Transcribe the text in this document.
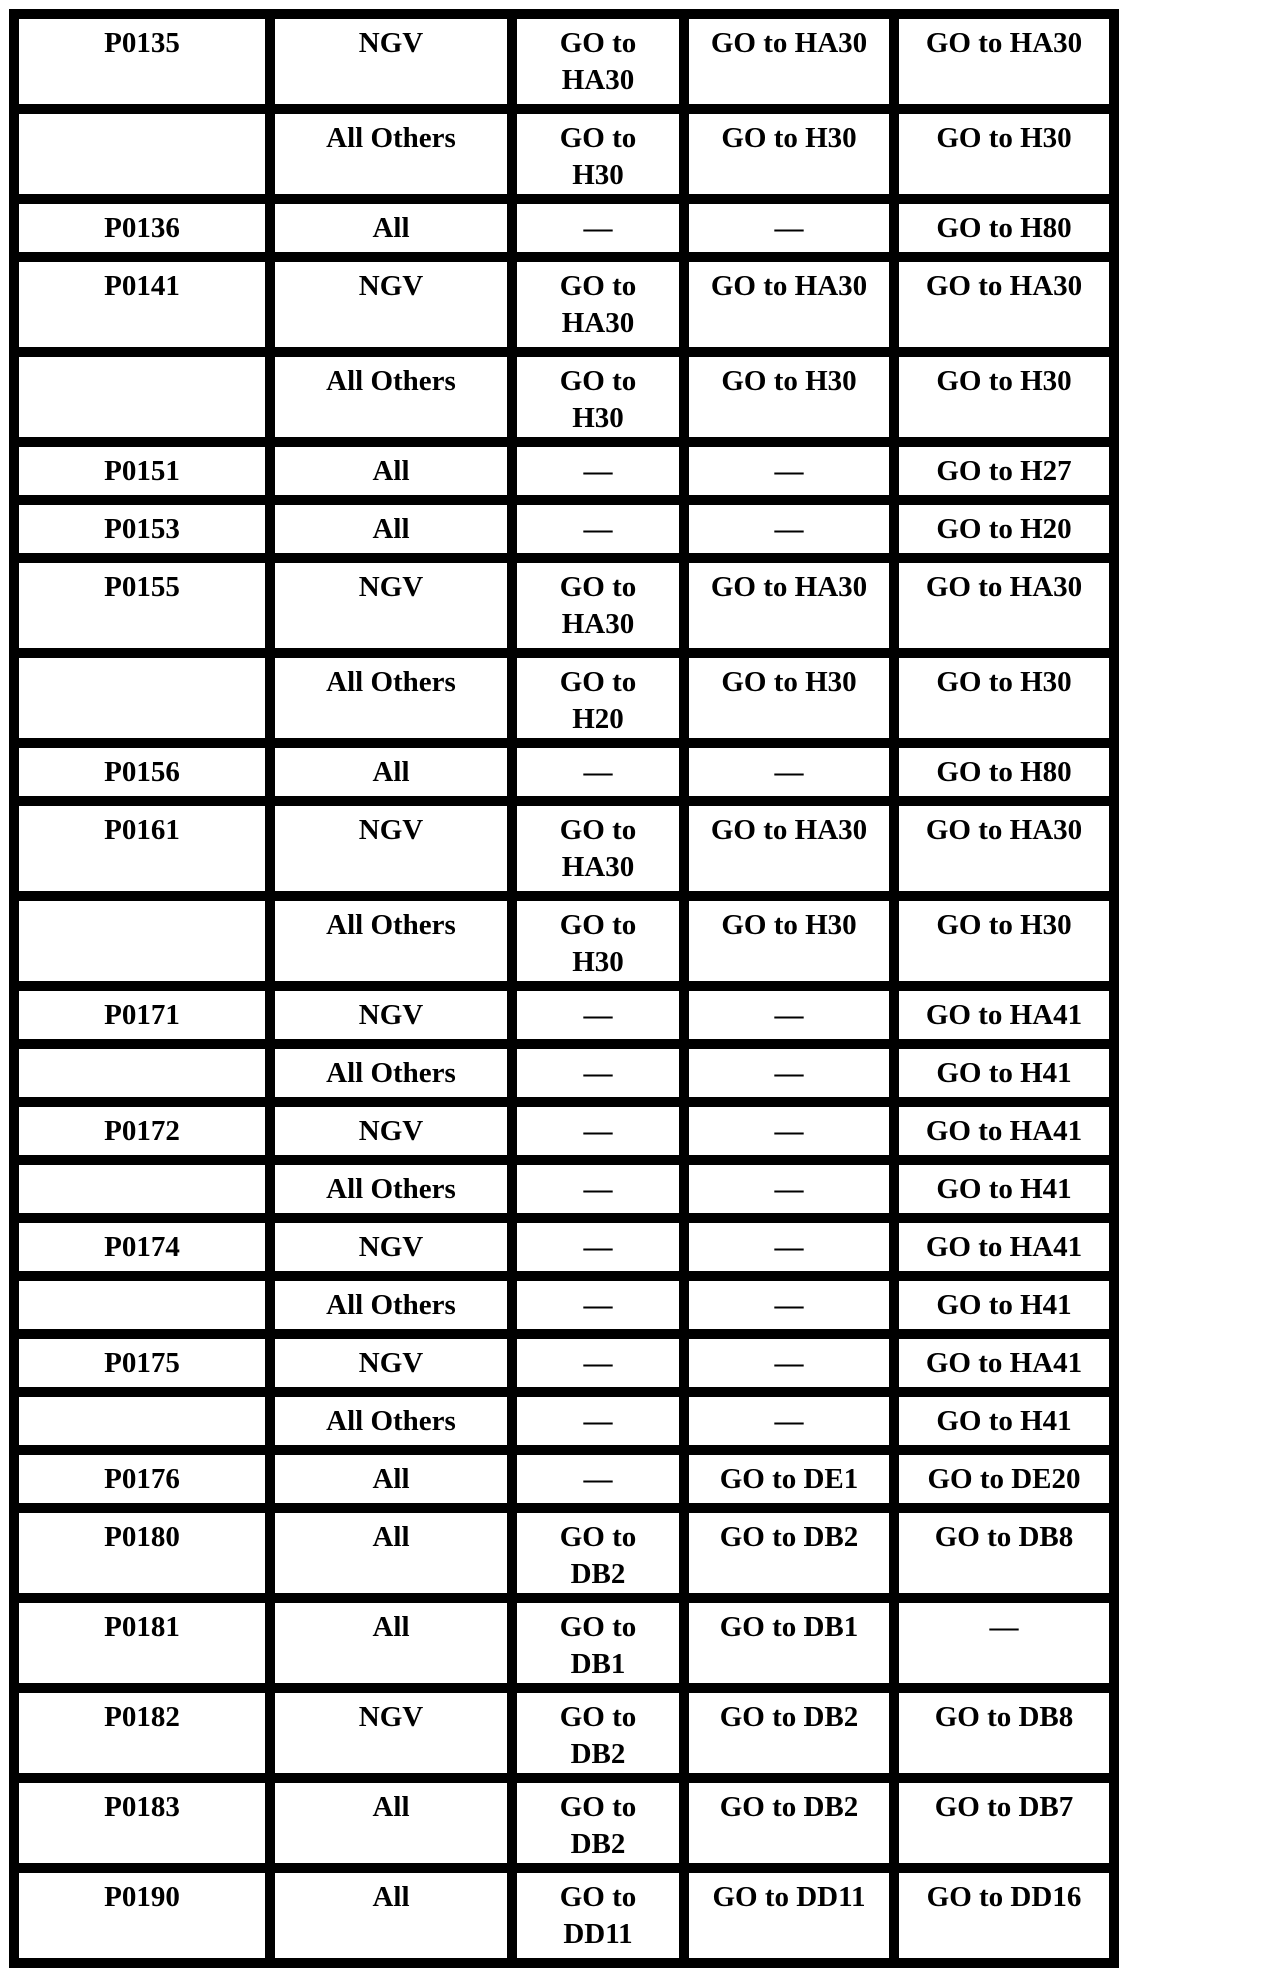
P0135	NGV	GO to HA30	GO to HA30	GO to HA30
	All Others	GO to H30	GO to H30	GO to H30
P0136	All	—	—	GO to H80
P0141	NGV	GO to HA30	GO to HA30	GO to HA30
	All Others	GO to H30	GO to H30	GO to H30
P0151	All	—	—	GO to H27
P0153	All	—	—	GO to H20
P0155	NGV	GO to HA30	GO to HA30	GO to HA30
	All Others	GO to H20	GO to H30	GO to H30
P0156	All	—	—	GO to H80
P0161	NGV	GO to HA30	GO to HA30	GO to HA30
	All Others	GO to H30	GO to H30	GO to H30
P0171	NGV	—	—	GO to HA41
	All Others	—	—	GO to H41
P0172	NGV	—	—	GO to HA41
	All Others	—	—	GO to H41
P0174	NGV	—	—	GO to HA41
	All Others	—	—	GO to H41
P0175	NGV	—	—	GO to HA41
	All Others	—	—	GO to H41
P0176	All	—	GO to DE1	GO to DE20
P0180	All	GO to DB2	GO to DB2	GO to DB8
P0181	All	GO to DB1	GO to DB1	—
P0182	NGV	GO to DB2	GO to DB2	GO to DB8
P0183	All	GO to DB2	GO to DB2	GO to DB7
P0190	All	GO to DD11	GO to DD11	GO to DD16
